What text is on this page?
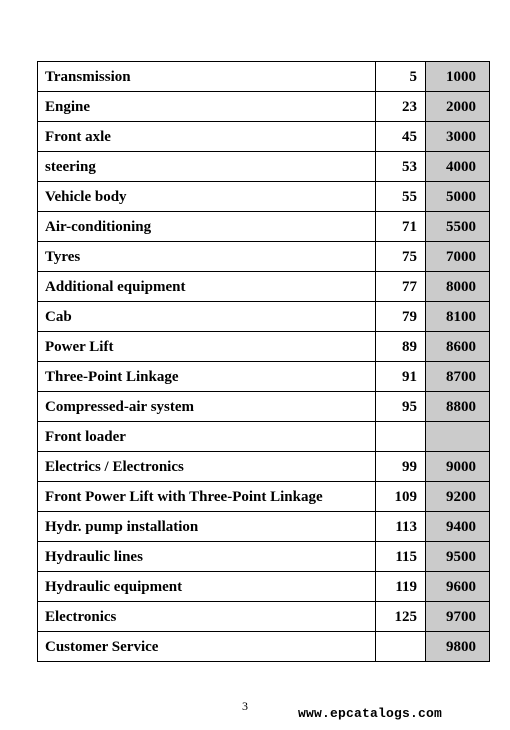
Transmission	5	1000
Engine	23	2000
Front axle	45	3000
steering	53	4000
Vehicle body	55	5000
Air-conditioning	71	5500
Tyres	75	7000
Additional equipment	77	8000
Cab	79	8100
Power Lift	89	8600
Three-Point Linkage	91	8700
Compressed-air system	95	8800
Front loader		
Electrics / Electronics	99	9000
Front Power Lift with Three-Point Linkage	109	9200
Hydr. pump installation	113	9400
Hydraulic lines	115	9500
Hydraulic equipment	119	9600
Electronics	125	9700
Customer Service		9800
3	www.epcatalogs.com
